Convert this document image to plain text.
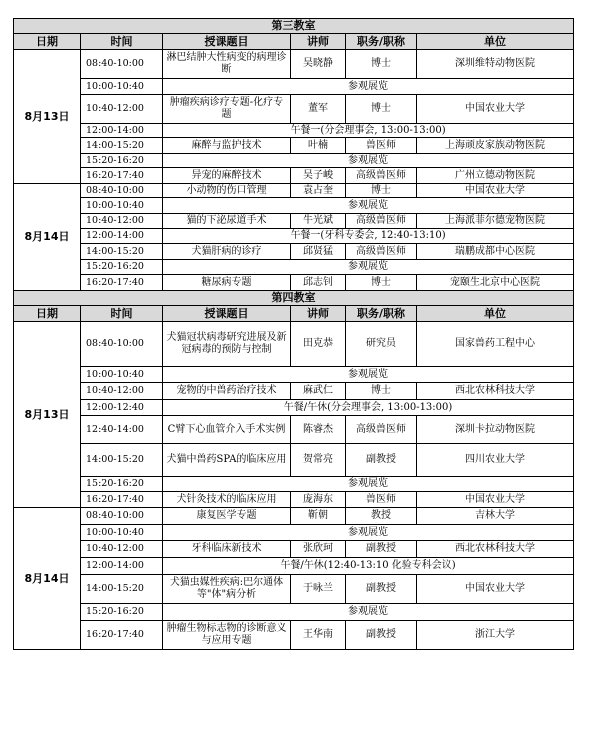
第三教室					
日期	时间	授课题目	讲师	职务/职称	单位
8月13日	08:40-10:00	淋巴结肿大性病变的病理诊断	吴晓静	博士	深圳维特动物医院
	10:00-10:40	参观展览			
	10:40-12:00	肿瘤疾病诊疗专题-化疗专题	董军	博士	中国农业大学
	12:00-14:00	午餐一(分会理事会, 13:00-13:00)			
	14:00-15:20	麻醉与监护技术	叶楠	兽医师	上海顽皮家族动物医院
	15:20-16:20	参观展览			
	16:20-17:40	异宠的麻醉技术	吴子峻	高级兽医师	广州立德动物医院
8月14日	08:40-10:00	小动物的伤口管理	袁占奎	博士	中国农业大学
	10:00-10:40	参观展览			
	10:40-12:00	猫的下泌尿道手术	牛光斌	高级兽医师	上海派菲尔德宠物医院
	12:00-14:00	午餐一(牙科专委会, 12:40-13:10)			
	14:00-15:20	犬猫肝病的诊疗	邱贤猛	高级兽医师	瑞鹏成都中心医院
	15:20-16:20	参观展览			
	16:20-17:40	糖尿病专题	邱志钊	博士	宠颐生北京中心医院
第四教室					
日期	时间	授课题目	讲师	职务/职称	单位
8月13日	08:40-10:00	犬猫冠状病毒研究进展及新冠病毒的预防与控制	田克恭	研究员	国家兽药工程中心
	10:00-10:40	参观展览			
	10:40-12:00	宠物的中兽药治疗技术	麻武仁	博士	西北农林科技大学
	12:00-12:40	午餐/午休(分会理事会, 13:00-13:00)			
	12:40-14:00	C臂下心血管介入手术实例	陈睿杰	高级兽医师	深圳卡拉动物医院
	14:00-15:20	犬猫中兽药SPA的临床应用	贺常亮	副教授	四川农业大学
	15:20-16:20	参观展览			
	16:20-17:40	犬针灸技术的临床应用	庞海东	兽医师	中国农业大学
8月14日	08:40-10:00	康复医学专题	靳朝	教授	吉林大学
	10:00-10:40	参观展览			
	10:40-12:00	牙科临床新技术	张欣珂	副教授	西北农林科技大学
	12:00-14:00	午餐/午休(12:40-13:10 化验专科会议)			
	14:00-15:20	犬猫虫媒性疾病:巴尔通体等"体"病分析	于咏兰	副教授	中国农业大学
	15:20-16:20	参观展览			
	16:20-17:40	肿瘤生物标志物的诊断意义与应用专题	王华南	副教授	浙江大学
